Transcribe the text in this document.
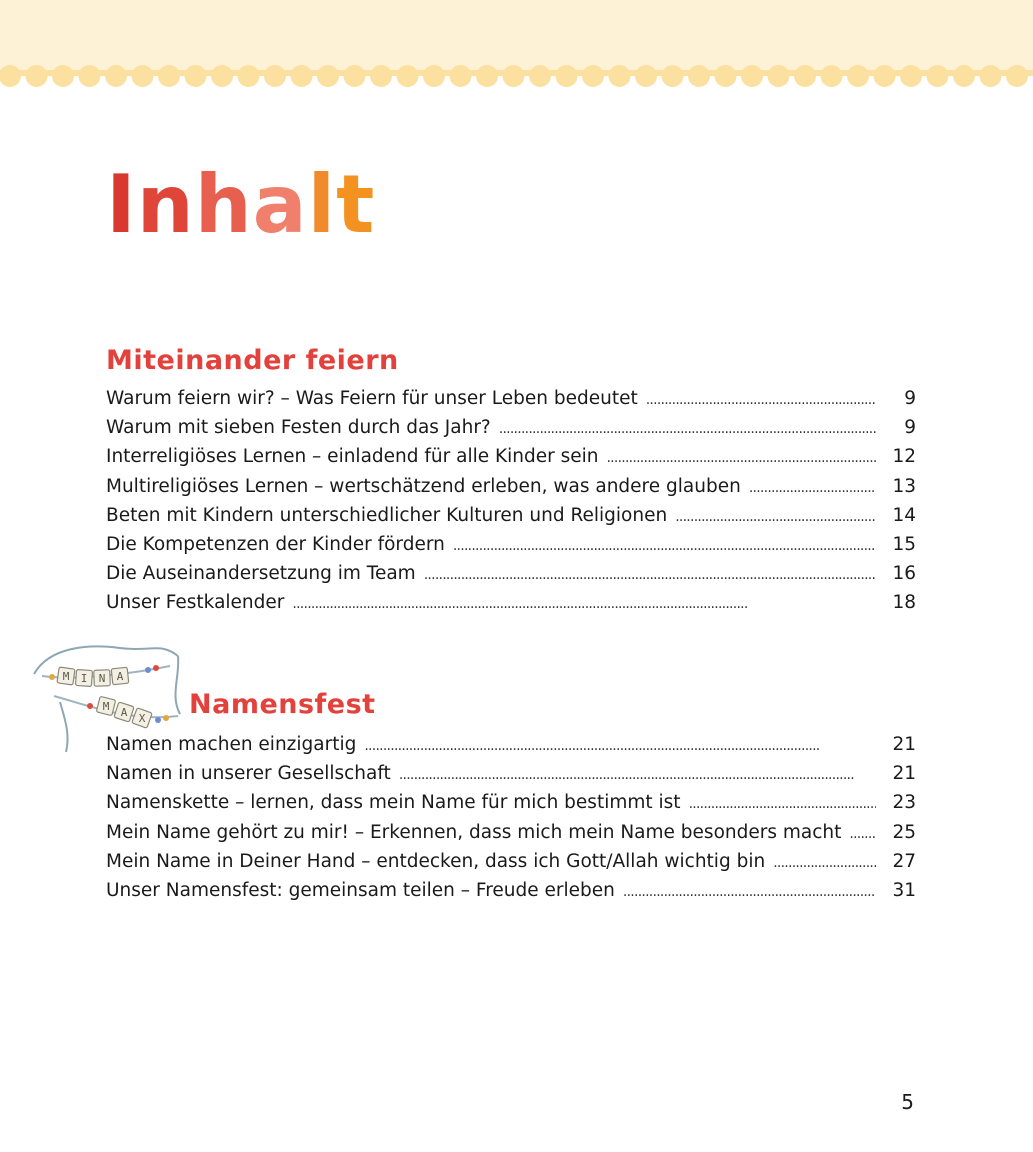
Inhalt
Miteinander feiern
Warum feiern wir? – Was Feiern für unser Leben bedeutet . . .	9
Warum mit sieben Festen durch das Jahr? . . .	9
Interreligiöses Lernen – einladend für alle Kinder sein . . .	12
Multireligiöses Lernen – wertschätzend erleben, was andere glauben . . .	13
Beten mit Kindern unterschiedlicher Kulturen und Religionen . . .	14
Die Kompetenzen der Kinder fördern . . .	15
Die Auseinandersetzung im Team . . .	16
Unser Festkalender . . .	18
M I N A
M A X Namensfest
Namen machen einzigartig . . .	21
Namen in unserer Gesellschaft . . .	21
Namenskette – lernen, dass mein Name für mich bestimmt ist . . .	23
Mein Name gehört zu mir! – Erkennen, dass mich mein Name besonders macht . . .	25
Mein Name in Deiner Hand – entdecken, dass ich Gott/Allah wichtig bin . . .	27
Unser Namensfest: gemeinsam teilen – Freude erleben . . .	31
5
